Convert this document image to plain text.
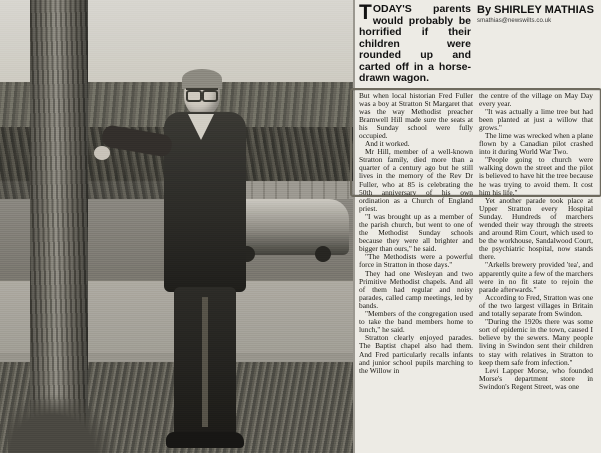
TODAY'S parents would probably be horrified if their children were rounded up and carted off in a horse-drawn wagon.
By SHIRLEY MATHIAS
smathias@newswilts.co.uk

But when local historian Fred Fuller was a boy at Stratton St Margaret that was the way Methodist preacher Bramwell Hill made sure the seats at his Sunday school were fully occupied.

And it worked.

Mr Hill, member of a well-known Stratton family, died more than a quarter of a century ago but he still lives in the memory of the Rev Dr Fuller, who at 85 is celebrating the 50th anniversary of his own ordination as a Church of England priest.

"I was brought up as a member of the parish church, but went to one of the Methodist Sunday schools because they were all brighter and bigger than ours," he said.

"The Methodists were a powerful force in Stratton in those days."

They had one Wesleyan and two Primitive Methodist chapels. And all of them had regular and noisy parades, called camp meetings, led by bands.

"Members of the congregation used to take the band members home to lunch," he said.

Stratton clearly enjoyed parades. The Baptist chapel also had them. And Fred particularly recalls infants and junior school pupils marching to the Willow in

the centre of the village on May Day every year.

"It was actually a lime tree but had been planted at just a willow that grows."

The lime was wrecked when a plane flown by a Canadian pilot crashed into it during World War Two.

"People going to church were walking down the street and the pilot is believed to have hit the tree because he was trying to avoid them. It cost him his life."

Yet another parade took place at Upper Stratton every Hospital Sunday. Hundreds of marchers wended their way through the streets and around Rim Court, which used to be the workhouse, Sandalwood Court, the psychiatric hospital, now stands there.

"Arkells brewery provided 'tea', and apparently quite a few of the marchers were in no fit state to rejoin the parade afterwards."

According to Fred, Stratton was one of the two largest villages in Britain and totally separate from Swindon.

"During the 1920s there was some sort of epidemic in the town, caused I believe by the sewers. Many people living in Swindon sent their children to stay with relatives in Stratton to keep them safe from infection."

Levi Lapper Morse, who founded Morse's department store in Swindon's Regent Street, was one
